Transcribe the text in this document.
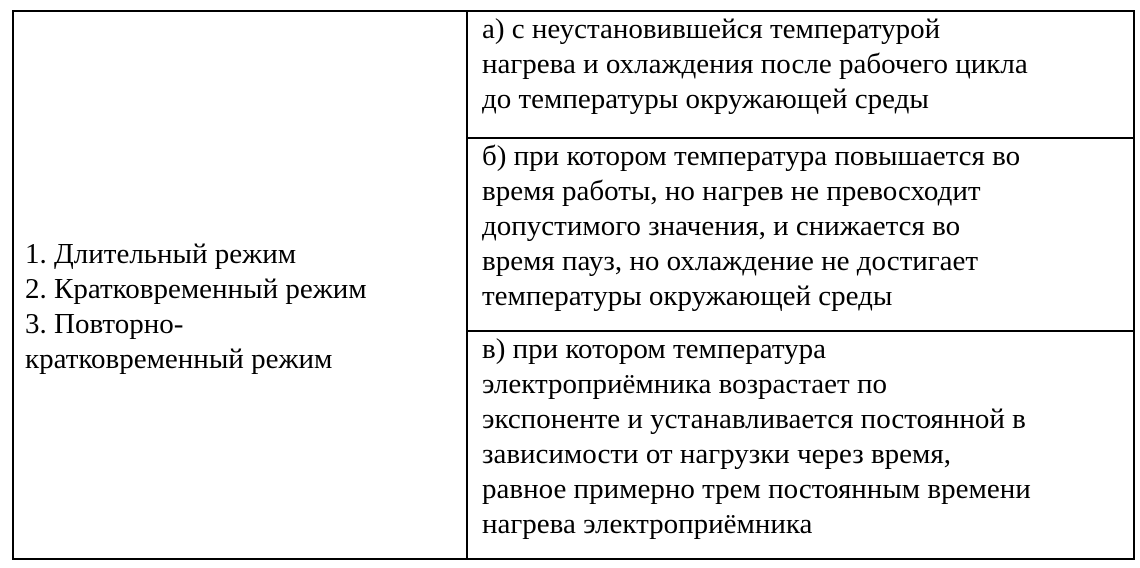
1. Длительный режим
2. Кратковременный режим
3. Повторно-
кратковременный режим

а) с неустановившейся температурой
нагрева и охлаждения после рабочего цикла
до температуры окружающей среды

б) при котором температура повышается во
время работы, но нагрев не превосходит
допустимого значения, и снижается во
время пауз, но охлаждение не достигает
температуры окружающей среды

в) при котором температура
электроприёмника возрастает по
экспоненте и устанавливается постоянной в
зависимости от нагрузки через время,
равное примерно трем постоянным времени
нагрева электроприёмника
